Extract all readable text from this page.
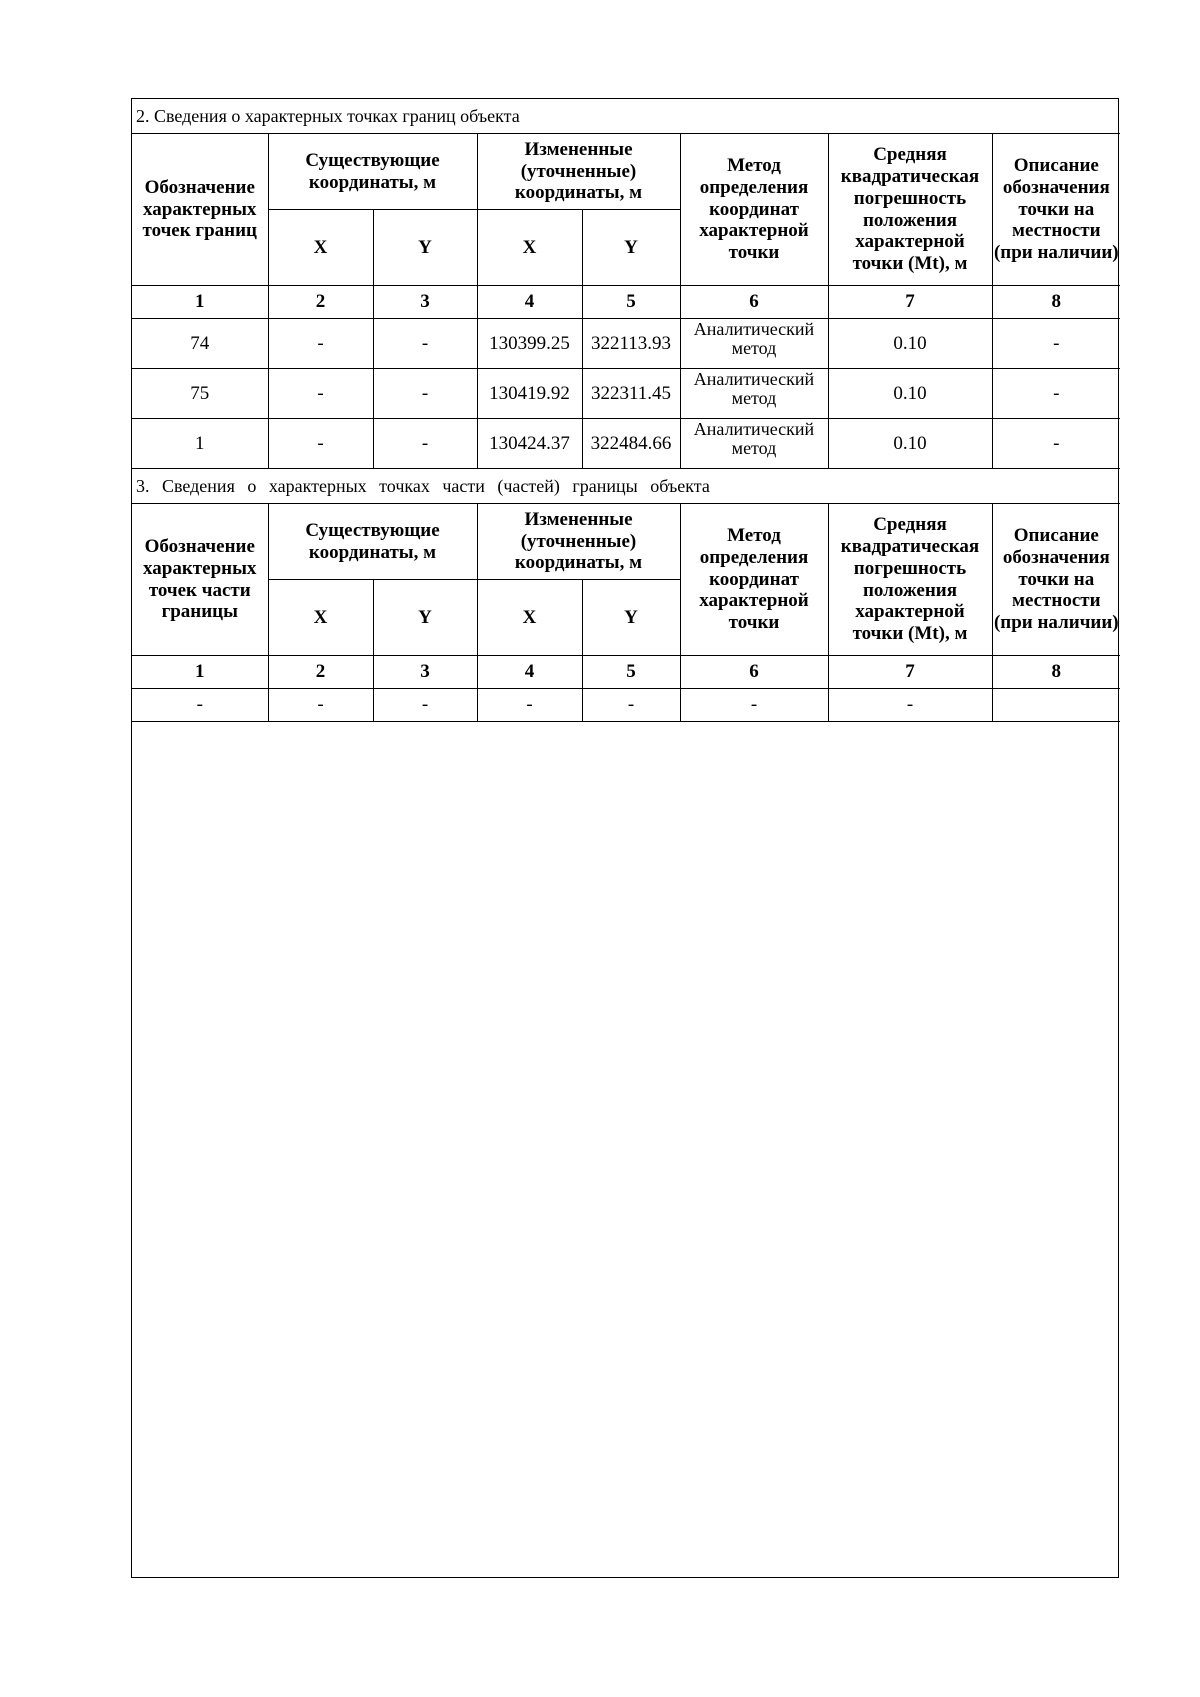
2. Сведения о характерных точках границ объекта							
Обозначение характерных точек границ	Существующие координаты, м		Измененные (уточненные) координаты, м		Метод определения координат характерной точки	Средняя квадратическая погрешность положения характерной точки (Mt), м	Описание обозначения точки на местности (при наличии)
	X	Y	X	Y			
1	2	3	4	5	6	7	8
74	-	-	130399.25	322113.93	Аналитический метод	0.10	-
75	-	-	130419.92	322311.45	Аналитический метод	0.10	-
1	-	-	130424.37	322484.66	Аналитический метод	0.10	-
3. Сведения о характерных точках части (частей) границы объекта							
Обозначение характерных точек части границы	Существующие координаты, м		Измененные (уточненные) координаты, м		Метод определения координат характерной точки	Средняя квадратическая погрешность положения характерной точки (Mt), м	Описание обозначения точки на местности (при наличии)
	X	Y	X	Y			
1	2	3	4	5	6	7	8
-	-	-	-	-	-	-	
